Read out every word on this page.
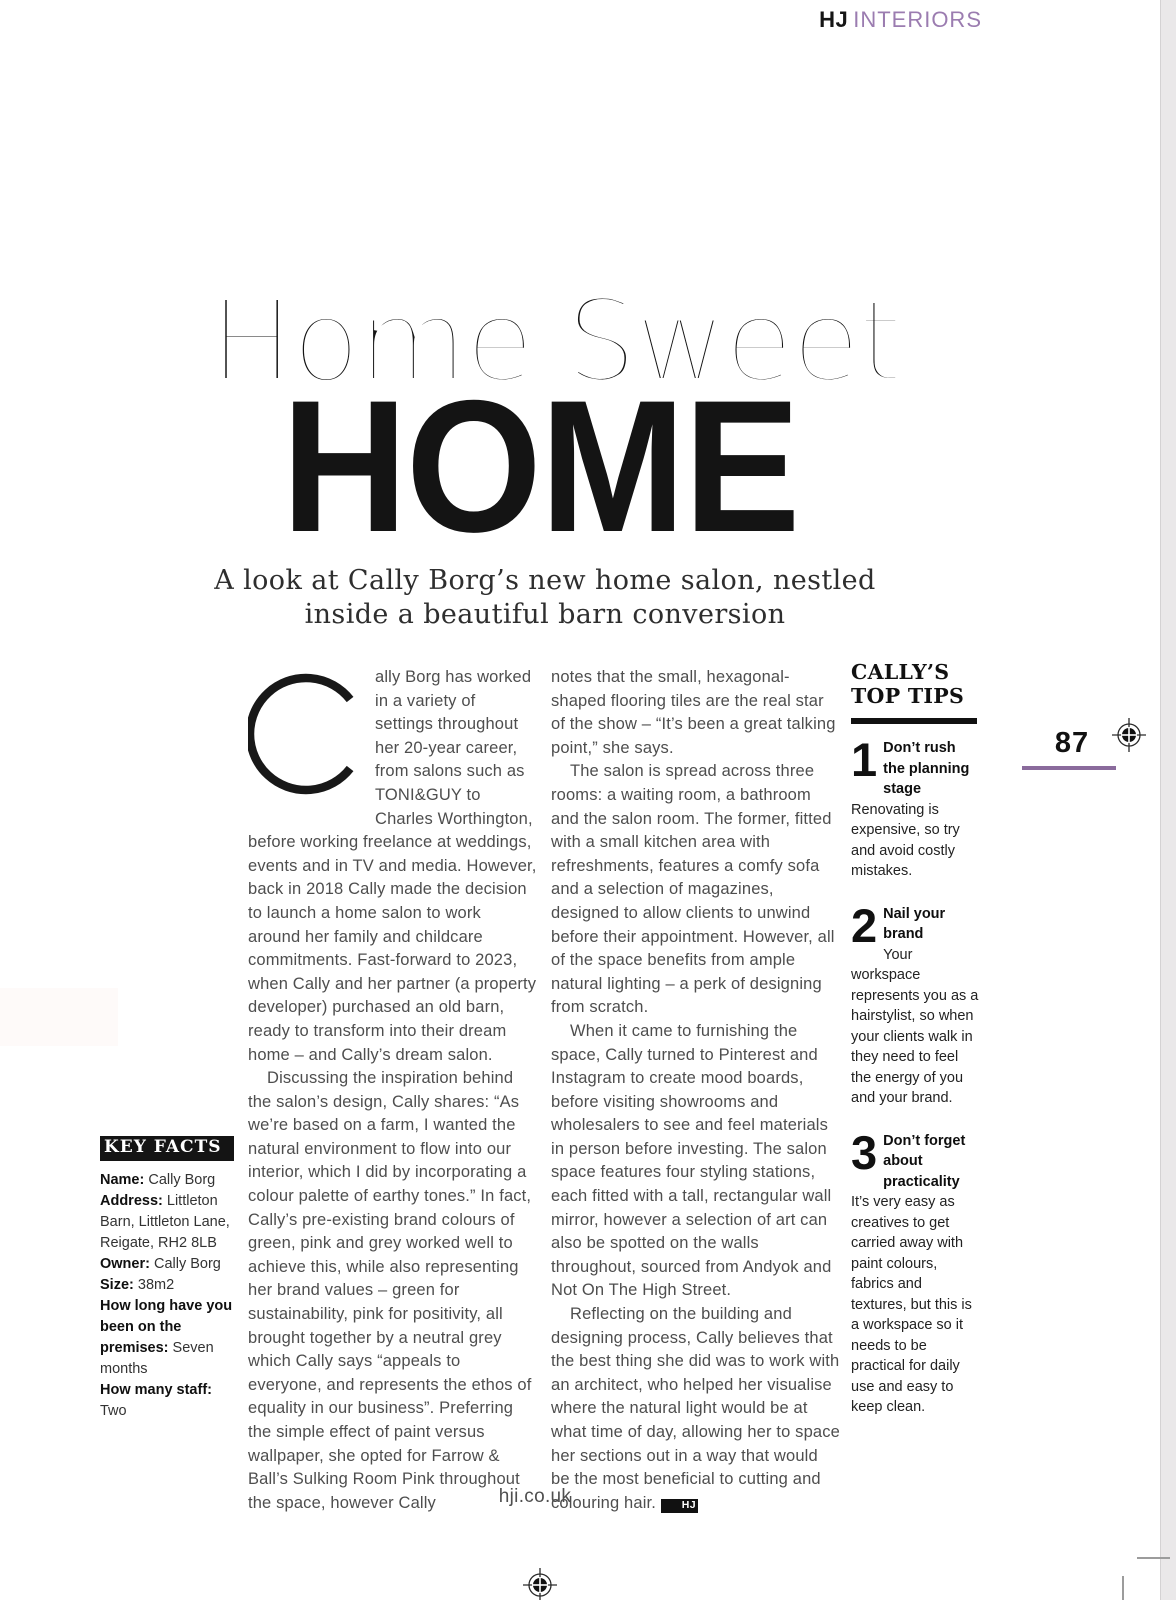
HJ INTERIORS
Home Sweet
HOME
A look at Cally Borg’s new home salon, nestled
inside a beautiful barn conversion
KEY FACTS
Name: Cally Borg
Address: Littleton Barn, Littleton Lane, Reigate, RH2 8LB
Owner: Cally Borg
Size: 38m2
How long have you been on the premises: Seven months
How many staff: Two

ally Borg has worked in a variety of settings throughout her 20-year career, from salons such as TONI&GUY to Charles Worthington, before working freelance at weddings, events and in TV and media. However, back in 2018 Cally made the decision to launch a home salon to work around her family and childcare commitments. Fast-forward to 2023, when Cally and her partner (a property developer) purchased an old barn, ready to transform into their dream home – and Cally’s dream salon.

Discussing the inspiration behind the salon’s design, Cally shares: “As we’re based on a farm, I wanted the natural environment to flow into our interior, which I did by incorporating a colour palette of earthy tones.” In fact, Cally’s pre-existing brand colours of green, pink and grey worked well to achieve this, while also representing her brand values – green for sustainability, pink for positivity, all brought together by a neutral grey which Cally says “appeals to everyone, and represents the ethos of equality in our business”. Preferring the simple effect of paint versus wallpaper, she opted for Farrow & Ball’s Sulking Room Pink throughout the space, however Cally

notes that the small, hexagonal-shaped flooring tiles are the real star of the show – “It’s been a great talking point,” she says.

The salon is spread across three rooms: a waiting room, a bathroom and the salon room. The former, fitted with a small kitchen area with refreshments, features a comfy sofa and a selection of magazines, designed to allow clients to unwind before their appointment. However, all of the space benefits from ample natural lighting – a perk of designing from scratch.

When it came to furnishing the space, Cally turned to Pinterest and Instagram to create mood boards, before visiting showrooms and wholesalers to see and feel materials in person before investing. The salon space features four styling stations, each fitted with a tall, rectangular wall mirror, however a selection of art can also be spotted on the walls throughout, sourced from Andyok and Not On The High Street.

Reflecting on the building and designing process, Cally believes that the best thing she did was to work with an architect, who helped her visualise where the natural light would be at what time of day, allowing her to space her sections out in a way that would be the most beneficial to cutting and colouring hair. HJ

CALLY’S
TOP TIPS
1 Don’t rush the planning stage
Renovating is expensive, so try and avoid costly mistakes.
2 Nail your brand
Your workspace represents you as a hairstylist, so when your clients walk in they need to feel the energy of you and your brand.
3 Don’t forget about practicality
It’s very easy as creatives to get carried away with paint colours, fabrics and textures, but this is a workspace so it needs to be practical for daily use and easy to keep clean.
87
hji.co.uk
